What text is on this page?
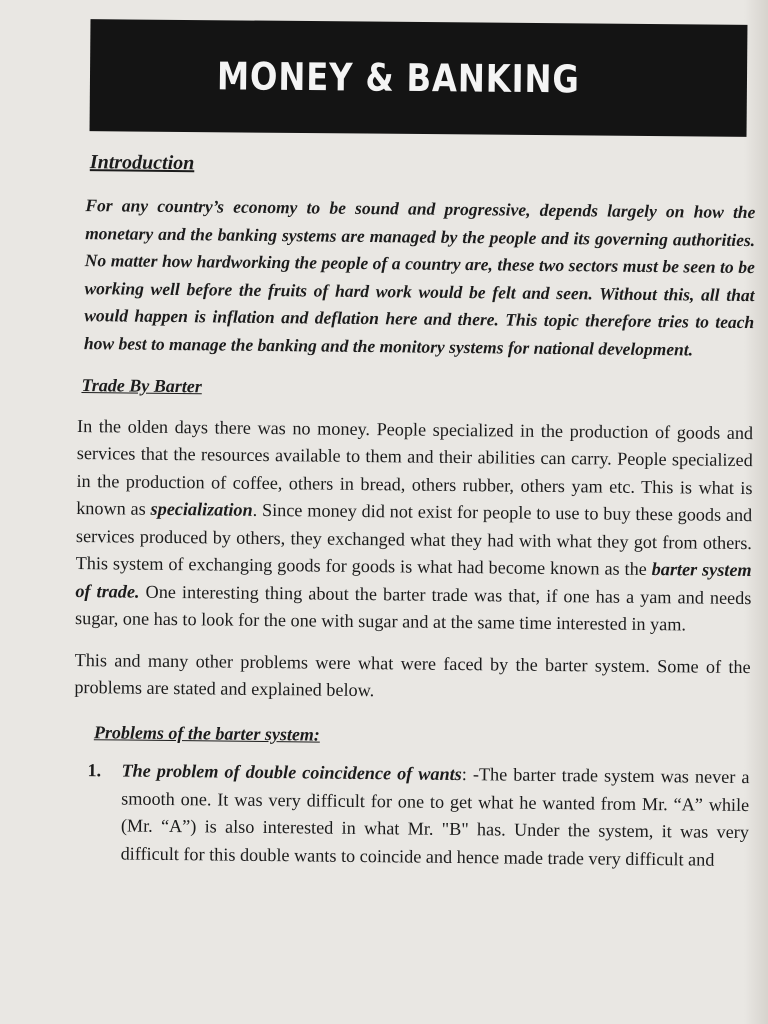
MONEY & BANKING
Introduction
For any country’s economy to be sound and progressive, depends largely on how the monetary and the banking systems are managed by the people and its governing authorities. No matter how hardworking the people of a country are, these two sectors must be seen to be working well before the fruits of hard work would be felt and seen. Without this, all that would happen is inflation and deflation here and there. This topic therefore tries to teach how best to manage the banking and the monitory systems for national development.
Trade By Barter
In the olden days there was no money. People specialized in the production of goods and services that the resources available to them and their abilities can carry. People specialized in the production of coffee, others in bread, others rubber, others yam etc. This is what is known as specialization. Since money did not exist for people to use to buy these goods and services produced by others, they exchanged what they had with what they got from others. This system of exchanging goods for goods is what had become known as the barter system of trade. One interesting thing about the barter trade was that, if one has a yam and needs sugar, one has to look for the one with sugar and at the same time interested in yam.
This and many other problems were what were faced by the barter system. Some of the problems are stated and explained below.
Problems of the barter system:
1.	The problem of double coincidence of wants: -The barter trade system was never a smooth one. It was very difficult for one to get what he wanted from Mr. “A” while (Mr. “A”) is also interested in what Mr. "B" has. Under the system, it was very difficult for this double wants to coincide and hence made trade very difficult and
